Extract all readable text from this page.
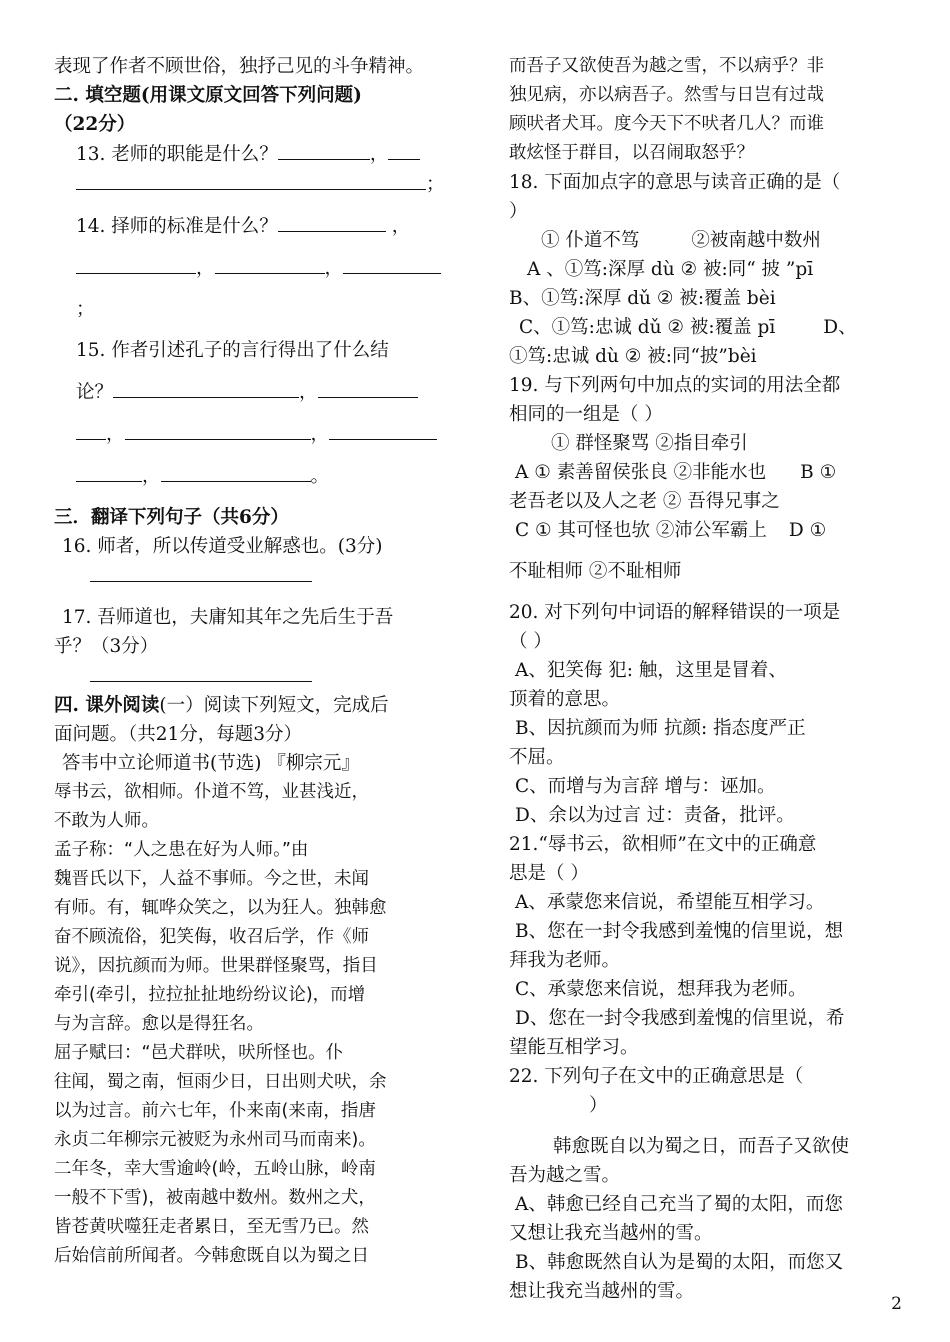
表现了作者不顾世俗，独抒己见的斗争精神。
二. 填空题(用课文原文回答下列问题)
（22分）
13. 老师的职能是什么？	，
；
14. 择师的标准是什么？	，
，	，
；
15. 作者引述孔子的言行得出了什么结
论？	，
，	，
，	。
三．翻译下列句子（共6分）
16. 师者，所以传道受业解惑也。(3分)
17. 吾师道也，夫庸知其年之先后生于吾
乎？（3分）
四. 课外阅读(一）阅读下列短文，完成后
面问题。（共21分，每题3分）
答韦中立论师道书(节选) 『柳宗元』
辱书云，欲相师。仆道不笃，业甚浅近，
不敢为人师。
孟子称：“人之患在好为人师。”由
魏晋氏以下，人益不事师。今之世，未闻
有师。有，辄哗众笑之，以为狂人。独韩愈
奋不顾流俗，犯笑侮，收召后学，作《师
说》，因抗颜而为师。世果群怪聚骂，指目
牵引(牵引，拉拉扯扯地纷纷议论)，而增
与为言辞。愈以是得狂名。
屈子赋曰：“邑犬群吠，吠所怪也。仆
往闻，蜀之南，恒雨少日，日出则犬吠，余
以为过言。前六七年，仆来南(来南，指唐
永贞二年柳宗元被贬为永州司马而南来)。
二年冬，幸大雪逾岭(岭，五岭山脉，岭南
一般不下雪)，被南越中数州。数州之犬，
皆苍黄吠噬狂走者累日，至无雪乃已。然
后始信前所闻者。今韩愈既自以为蜀之日
而吾子又欲使吾为越之雪，不以病乎？非
独见病，亦以病吾子。然雪与日岂有过哉
顾吠者犬耳。度今天下不吠者几人？而谁
敢炫怪于群目，以召闹取怒乎？
18. 下面加点字的意思与读音正确的是（
）
① 仆道不笃	②被南越中数州
A 、①笃:深厚 dù ② 被:同“ 披 ”pī
B、①笃:深厚 dǔ ② 被:覆盖 bèi
C、①笃:忠诚 dǔ ② 被:覆盖 pī	D、
①笃:忠诚 dù ② 被:同“披”bèi
19. 与下列两句中加点的实词的用法全都
相同的一组是（ ）
① 群怪聚骂 ②指目牵引
A ① 素善留侯张良 ②非能水也 B ①
老吾老以及人之老 ② 吾得兄事之
C ① 其可怪也欤 ②沛公军霸上 D ①
不耻相师 ②不耻相师
20. 对下列句中词语的解释错误的一项是
（ ）
A、犯笑侮 犯: 触，这里是冒着、
顶着的意思。
B、因抗颜而为师 抗颜: 指态度严正
不屈。
C、而增与为言辞 增与：诬加。
D、余以为过言 过：责备，批评。
21.“辱书云，欲相师”在文中的正确意
思是（ ）
A、承蒙您来信说，希望能互相学习。
B、您在一封令我感到羞愧的信里说，想
拜我为老师。
C、承蒙您来信说，想拜我为老师。
D、您在一封令我感到羞愧的信里说，希
望能互相学习。
22. 下列句子在文中的正确意思是（
）
韩愈既自以为蜀之日，而吾子又欲使
吾为越之雪。
A、韩愈已经自己充当了蜀的太阳，而您
又想让我充当越州的雪。
B、韩愈既然自认为是蜀的太阳，而您又
想让我充当越州的雪。
2
